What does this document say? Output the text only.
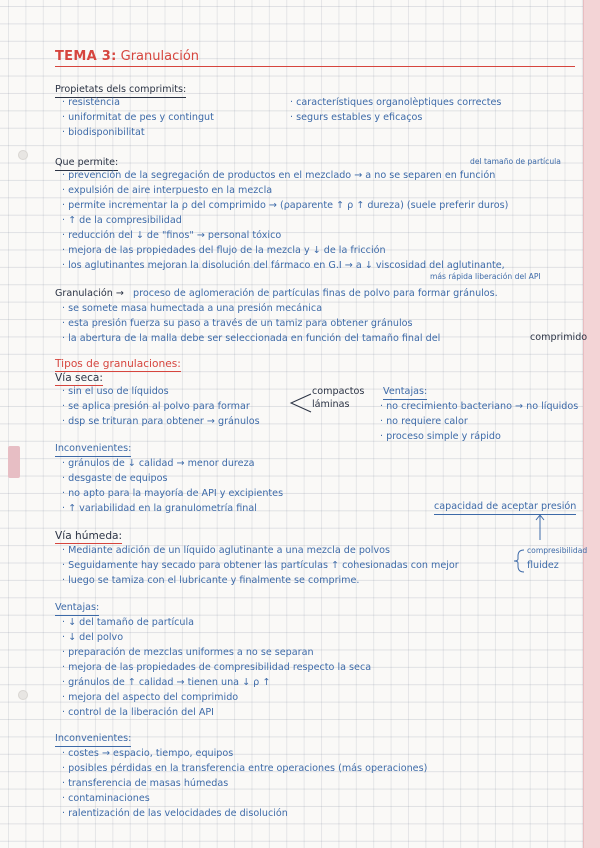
TEMA 3: Granulación
Propietats dels comprimits:
· resistència
· uniformitat de pes y contingut
· biodisponibilitat
· característiques organolèptiques correctes
· segurs estables y eficaços
del tamaño de partícula
Que permite:
· prevención de la segregación de productos en el mezclado → a no se separen en función
· expulsión de aire interpuesto en la mezcla
· permite incrementar la ρ del comprimido → (ρaparente ↑ ρ ↑ dureza) (suele preferir duros)
· ↑ de la compresibilidad
· reducción del ↓ de "finos" → personal tóxico
· mejora de las propiedades del flujo de la mezcla y ↓ de la fricción
· los aglutinantes mejoran la disolución del fármaco en G.I → a ↓ viscosidad del aglutinante,
más rápida liberación del API
Granulación → proceso de aglomeración de partículas finas de polvo para formar gránulos.
· se somete masa humectada a una presión mecánica
· esta presión fuerza su paso a través de un tamiz para obtener gránulos
· la abertura de la malla debe ser seleccionada en función del tamaño final del	comprimido
Tipos de granulaciones:
Vía seca:
· sin el uso de líquidos
· se aplica presión al polvo para formar
· dsp se trituran para obtener → gránulos
compactos
láminas
Ventajas:
· no crecimiento bacteriano → no líquidos
· no requiere calor
· proceso simple y rápido
Inconvenientes:
· gránulos de ↓ calidad → menor dureza
· desgaste de equipos
· no apto para la mayoría de API y excipientes
· ↑ variabilidad en la granulometría final	capacidad de aceptar presión
Vía húmeda:
· Mediante adición de un líquido aglutinante a una mezcla de polvos
· Seguidamente hay secado para obtener las partículas ↑ cohesionadas con mejor
· luego se tamiza con el lubricante y finalmente se comprime.
compresibilidad
fluidez
Ventajas:
· ↓ del tamaño de partícula
· ↓ del polvo
· preparación de mezclas uniformes a no se separan
· mejora de las propiedades de compresibilidad respecto la seca
· gránulos de ↑ calidad → tienen una ↓ ρ ↑
· mejora del aspecto del comprimido
· control de la liberación del API
Inconvenientes:
· costes → espacio, tiempo, equipos
· posibles pérdidas en la transferencia entre operaciones (más operaciones)
· transferencia de masas húmedas
· contaminaciones
· ralentización de las velocidades de disolución
